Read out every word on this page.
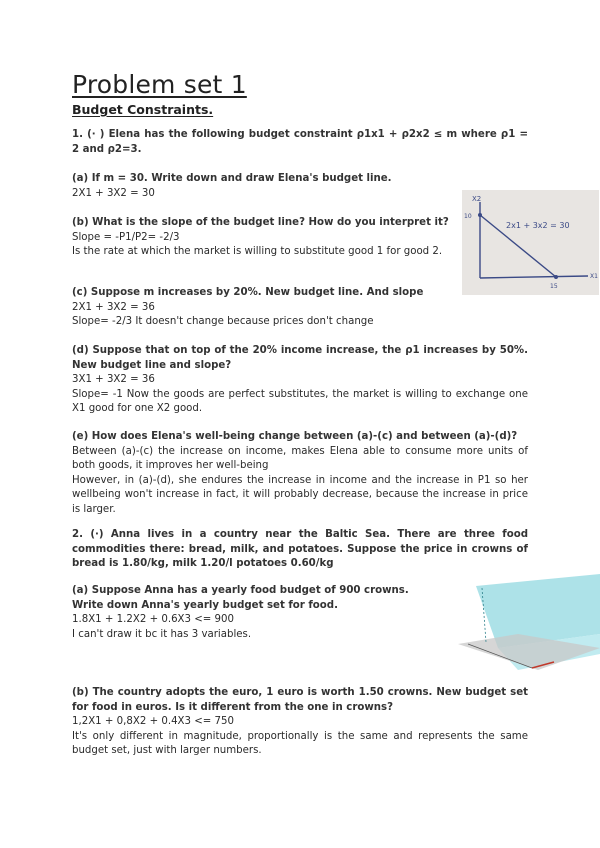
Problem set 1
Budget Constraints.

1. (∙ ) Elena has the following budget constraint ρ1x1 + ρ2x2 ≤ m where ρ1 = 2 and ρ2=3.

(a) If m = 30. Write down and draw Elena's budget line.
2X1 + 3X2 = 30
X2
10
X1
15
2x1 + 3x2 = 30
(b) What is the slope of the budget line? How do you interpret it?
Slope = -P1/P2= -2/3
Is the rate at which the market is willing to substitute good 1 for good 2.
(c) Suppose m increases by 20%. New budget line. And slope
2X1 + 3X2 = 36
Slope= -2/3 It doesn't change because prices don't change
(d) Suppose that on top of the 20% income increase, the ρ1 increases by 50%. New budget line and slope?
3X1 + 3X2 = 36
Slope= -1 Now the goods are perfect substitutes, the market is willing to exchange one X1 good for one X2 good.
(e) How does Elena's well-being change between (a)-(c) and between (a)-(d)?
Between (a)-(c) the increase on income, makes Elena able to consume more units of both goods, it improves her well-being
However, in (a)-(d), she endures the increase in income and the increase in P1 so her wellbeing won't increase in fact, it will probably decrease, because the increase in price is larger.

2. (∙) Anna lives in a country near the Baltic Sea. There are three food commodities there: bread, milk, and potatoes. Suppose the price in crowns of bread is 1.80/kg, milk 1.20/l potatoes 0.60/kg

(a) Suppose Anna has a yearly food budget of 900 crowns.
Write down Anna's yearly budget set for food.
1.8X1 + 1.2X2 + 0.6X3 <= 900
I can't draw it bc it has 3 variables.
(b) The country adopts the euro, 1 euro is worth 1.50 crowns. New budget set for food in euros. Is it different from the one in crowns?
1,2X1 + 0,8X2 + 0.4X3 <= 750
It's only different in magnitude, proportionally is the same and represents the same budget set, just with larger numbers.
